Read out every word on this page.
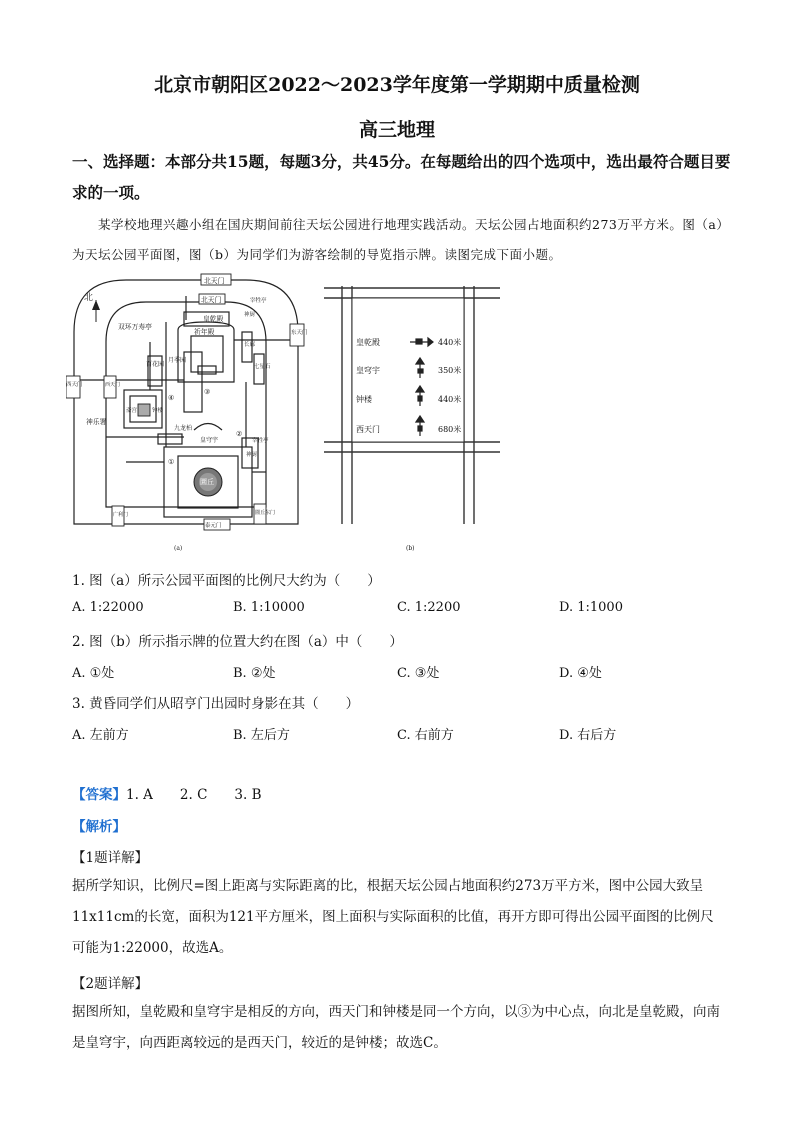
北京市朝阳区2022～2023学年度第一学期期中质量检测
高三地理
一、选择题：本部分共15题，每题3分，共45分。在每题给出的四个选项中，选出最符合题目要求的一项。
某学校地理兴趣小组在国庆期间前往天坛公园进行地理实践活动。天坛公园占地面积约273万平方米。图（a）为天坛公园平面图，图（b）为同学们为游客绘制的导览指示牌。读图完成下面小题。
北
北天门
北天门
皇乾殿
祈年殿
双环万寿亭
百花园
月季园
斋宫	钟楼
神乐署
九龙柏
皇穹宇
圜丘
长廊
七星石
宰牲亭
神厨
宰牲亭
神厨
西天门	西天门
东天门
泰元门
广利门	圜丘东门
④
③
②
①
(a)
皇乾殿	440米
皇穹宇	350米
钟楼	440米
西天门	680米
(b)
1. 图（a）所示公园平面图的比例尺大约为（　　）
A. 1:22000	B. 1:10000	C. 1:2200	D. 1:1000
2. 图（b）所示指示牌的位置大约在图（a）中（　　）
A. ①处	B. ②处	C. ③处	D. ④处
3. 黄昏同学们从昭亨门出园时身影在其（　　）
A. 左前方	B. 左后方	C. 右前方	D. 右后方
【答案】1. A　　2. C　　3. B
【解析】
【1题详解】
据所学知识，比例尺=图上距离与实际距离的比，根据天坛公园占地面积约273万平方米，图中公园大致呈11x11cm的长宽，面积为121平方厘米，图上面积与实际面积的比值，再开方即可得出公园平面图的比例尺可能为1:22000，故选A。
【2题详解】
据图所知，皇乾殿和皇穹宇是相反的方向，西天门和钟楼是同一个方向，以③为中心点，向北是皇乾殿，向南是皇穹宇，向西距离较远的是西天门，较近的是钟楼；故选C。
